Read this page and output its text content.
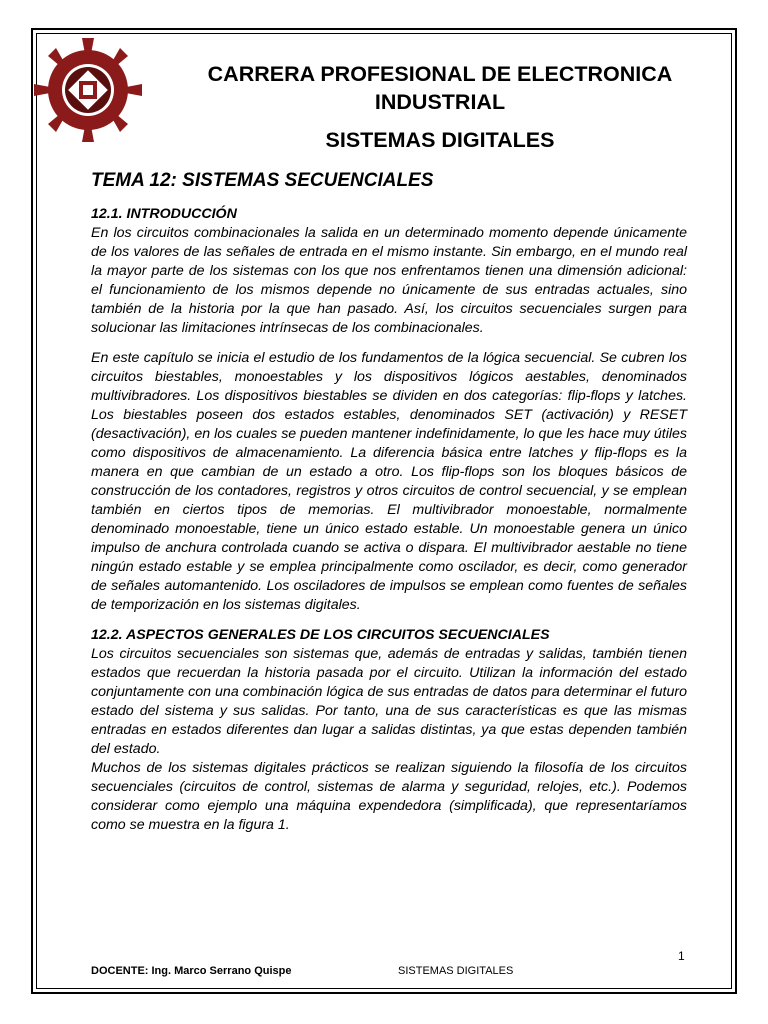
CARRERA PROFESIONAL DE ELECTRONICA
INDUSTRIAL
SISTEMAS DIGITALES
TEMA 12: SISTEMAS SECUENCIALES

12.1. INTRODUCCIÓN

En los circuitos combinacionales la salida en un determinado momento depende únicamente de los valores de las señales de entrada en el mismo instante. Sin embargo, en el mundo real la mayor parte de los sistemas con los que nos enfrentamos tienen una dimensión adicional: el funcionamiento de los mismos depende no únicamente de sus entradas actuales, sino también de la historia por la que han pasado. Así, los circuitos secuenciales surgen para solucionar las limitaciones intrínsecas de los combinacionales.

En este capítulo se inicia el estudio de los fundamentos de la lógica secuencial. Se cubren los circuitos biestables, monoestables y los dispositivos lógicos aestables, denominados multivibradores. Los dispositivos biestables se dividen en dos categorías: flip-flops y latches. Los biestables poseen dos estados estables, denominados SET (activación) y RESET (desactivación), en los cuales se pueden mantener indefinidamente, lo que les hace muy útiles como dispositivos de almacenamiento. La diferencia básica entre latches y flip-flops es la manera en que cambian de un estado a otro. Los flip-flops son los bloques básicos de construcción de los contadores, registros y otros circuitos de control secuencial, y se emplean también en ciertos tipos de memorias. El multivibrador monoestable, normalmente denominado monoestable, tiene un único estado estable. Un monoestable genera un único impulso de anchura controlada cuando se activa o dispara. El multivibrador aestable no tiene ningún estado estable y se emplea principalmente como oscilador, es decir, como generador de señales automantenido. Los osciladores de impulsos se emplean como fuentes de señales de temporización en los sistemas digitales.

12.2. ASPECTOS GENERALES DE LOS CIRCUITOS SECUENCIALES

Los circuitos secuenciales son sistemas que, además de entradas y salidas, también tienen estados que recuerdan la historia pasada por el circuito. Utilizan la información del estado conjuntamente con una combinación lógica de sus entradas de datos para determinar el futuro estado del sistema y sus salidas. Por tanto, una de sus características es que las mismas entradas en estados diferentes dan lugar a salidas distintas, ya que estas dependen también del estado.

Muchos de los sistemas digitales prácticos se realizan siguiendo la filosofía de los circuitos secuenciales (circuitos de control, sistemas de alarma y seguridad, relojes, etc.). Podemos considerar como ejemplo una máquina expendedora (simplificada), que representaríamos como se muestra en la figura 1.

1
DOCENTE: Ing. Marco Serrano Quispe	SISTEMAS DIGITALES
